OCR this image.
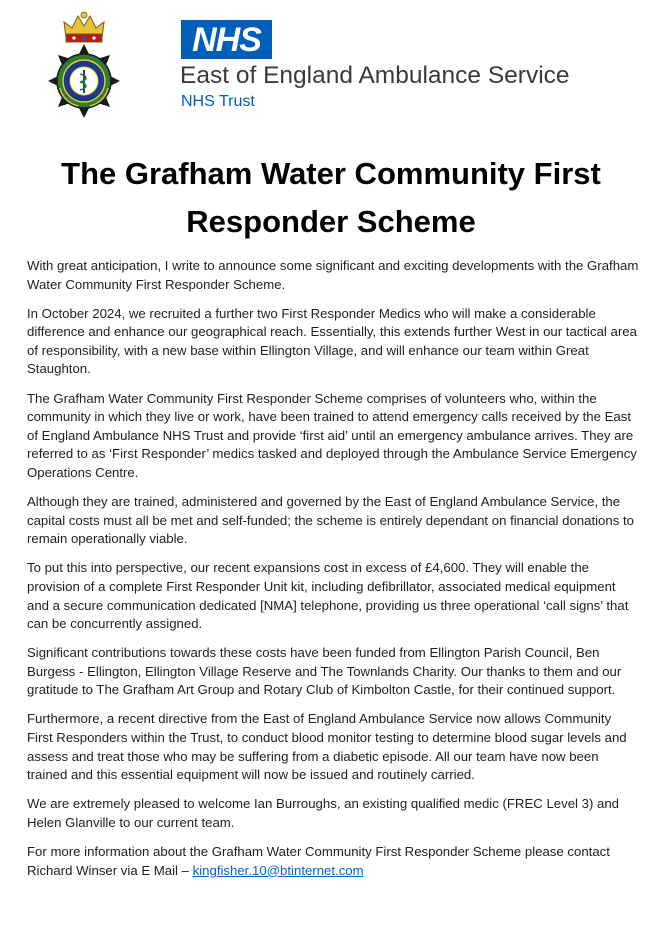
NHS
East of England Ambulance Service
NHS Trust
The Grafham Water Community First Responder Scheme

With great anticipation, I write to announce some significant and exciting developments with the Grafham Water Community First Responder Scheme.

In October 2024, we recruited a further two First Responder Medics who will make a considerable difference and enhance our geographical reach. Essentially, this extends further West in our tactical area of responsibility, with a new base within Ellington Village, and will enhance our team within Great Staughton.

The Grafham Water Community First Responder Scheme comprises of volunteers who, within the community in which they live or work, have been trained to attend emergency calls received by the East of England Ambulance NHS Trust and provide ‘first aid’ until an emergency ambulance arrives. They are referred to as ‘First Responder’ medics tasked and deployed through the Ambulance Service Emergency Operations Centre.

Although they are trained, administered and governed by the East of England Ambulance Service, the capital costs must all be met and self-funded; the scheme is entirely dependant on financial donations to remain operationally viable.

To put this into perspective, our recent expansions cost in excess of £4,600. They will enable the provision of a complete First Responder Unit kit, including defibrillator, associated medical equipment and a secure communication dedicated [NMA] telephone, providing us three operational ‘call signs’ that can be concurrently assigned.

Significant contributions towards these costs have been funded from Ellington Parish Council, Ben Burgess - Ellington, Ellington Village Reserve and The Townlands Charity. Our thanks to them and our gratitude to The Grafham Art Group and Rotary Club of Kimbolton Castle, for their continued support.

Furthermore, a recent directive from the East of England Ambulance Service now allows Community First Responders within the Trust, to conduct blood monitor testing to determine blood sugar levels and assess and treat those who may be suffering from a diabetic episode. All our team have now been trained and this essential equipment will now be issued and routinely carried.

We are extremely pleased to welcome Ian Burroughs, an existing qualified medic (FREC Level 3) and Helen Glanville to our current team.

For more information about the Grafham Water Community First Responder Scheme please contact Richard Winser via E Mail – kingfisher.10@btinternet.com
